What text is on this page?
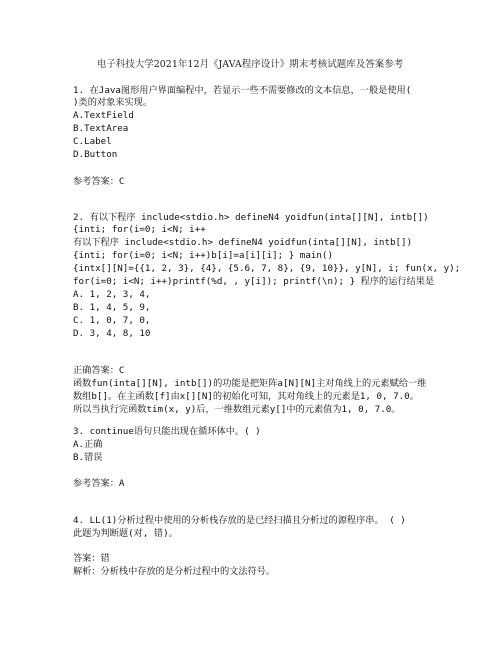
电子科技大学2021年12月《JAVA程序设计》期末考核试题库及答案参考
1. 在Java图形用户界面编程中，若显示一些不需要修改的文本信息，一般是使用(
)类的对象来实现。
A.TextField
B.TextArea
C.Label
D.Button
参考答案：C
2. 有以下程序 include<stdio.h> defineN4 yoidfun(inta[][N], intb[])
{inti; for(i=0; i<N; i++
有以下程序 include<stdio.h> defineN4 yoidfun(inta[][N], intb[])
{inti; for(i=0; i<N; i++)b[i]=a[i][i]; } main()
{intx[][N]={{1, 2, 3}, {4}, {5.6, 7, 8}, {9, 10}}, y[N], i; fun(x, y);
for(i=0; i<N; i++)printf(%d, , y[i]); printf(\n); } 程序的运行结果是
A. 1, 2, 3, 4,
B. 1, 4, 5, 9,
C. 1, 0, 7, 0,
D. 3, 4, 8, 10
正确答案：C
函数fun(inta[][N], intb[])的功能是把矩阵a[N][N]主对角线上的元素赋给一维
数组b[]。在主函数[f]由x[][N]的初始化可知，其对角线上的元素是1, 0, 7.0。
所以当执行完函数tim(x, y)后，一维数组元素y[]中的元素值为1, 0, 7.0。
3. continue语句只能出现在循环体中。( )
A.正确
B.错误
参考答案：A
4. LL(1)分析过程中使用的分析栈存放的是已经扫描且分析过的源程序串。 ( )
此题为判断题(对, 错)。
答案：错
解析：分析栈中存放的是分析过程中的文法符号。
